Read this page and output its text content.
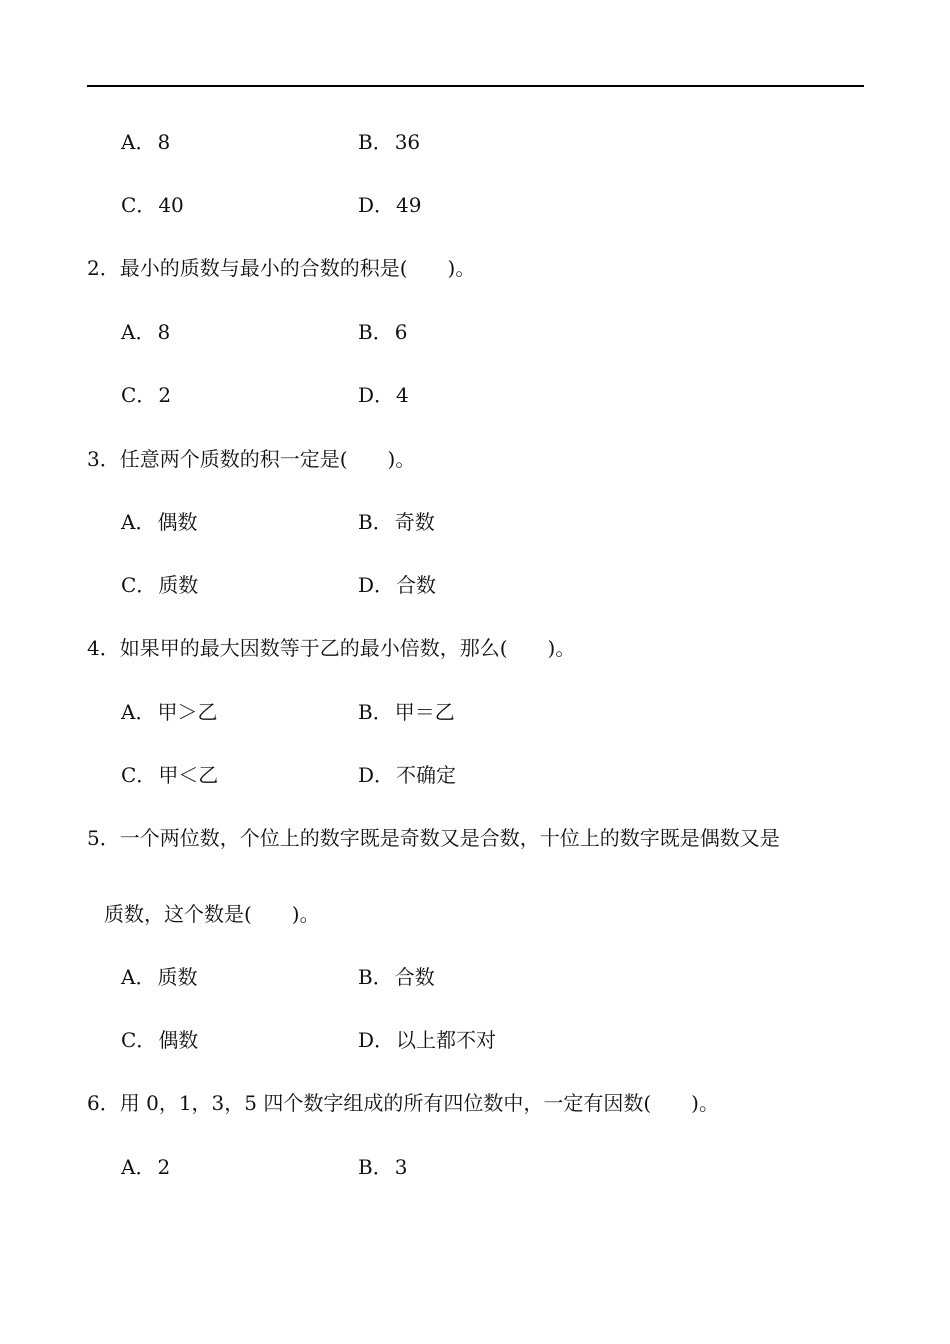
A． 8	B． 36
C． 40	D． 49
2．最小的质数与最小的合数的积是(　　)。
A． 8	B． 6
C． 2	D． 4
3．任意两个质数的积一定是(　　)。
A． 偶数	B． 奇数
C． 质数	D． 合数
4．如果甲的最大因数等于乙的最小倍数，那么(　　)。
A． 甲＞乙	B． 甲＝乙
C． 甲＜乙	D． 不确定
5．一个两位数，个位上的数字既是奇数又是合数，十位上的数字既是偶数又是
质数，这个数是(　　)。
A． 质数	B． 合数
C． 偶数	D． 以上都不对
6．用 0，1，3，5 四个数字组成的所有四位数中，一定有因数(　　)。
A． 2	B． 3
